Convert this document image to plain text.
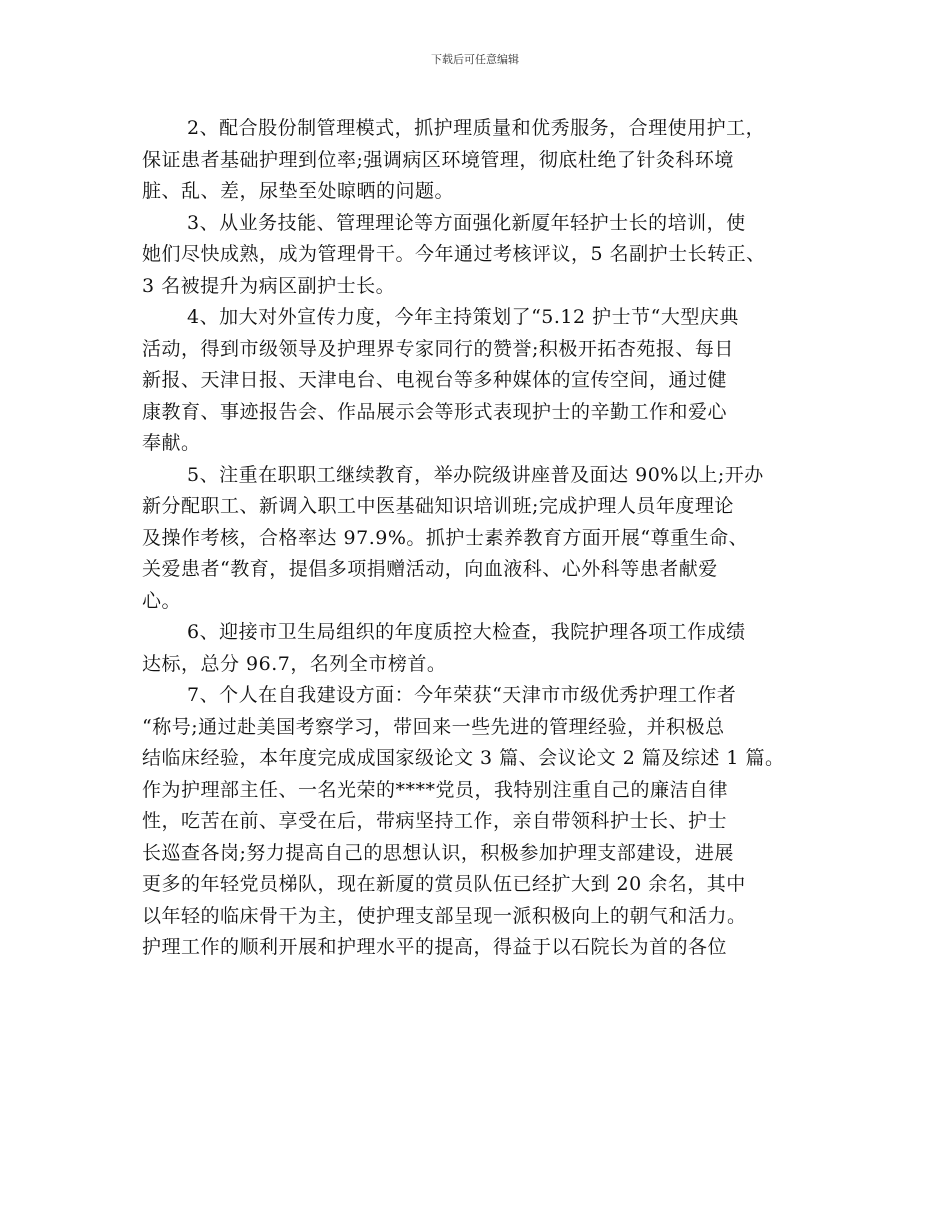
下载后可任意编辑
2、配合股份制管理模式，抓护理质量和优秀服务，合理使用护工，
保证患者基础护理到位率;强调病区环境管理，彻底杜绝了针灸科环境
脏、乱、差，尿垫至处晾晒的问题。
3、从业务技能、管理理论等方面强化新厦年轻护士长的培训，使
她们尽快成熟，成为管理骨干。今年通过考核评议，5 名副护士长转正、
3 名被提升为病区副护士长。
4、加大对外宣传力度，今年主持策划了“5.12 护士节“大型庆典
活动，得到市级领导及护理界专家同行的赞誉;积极开拓杏苑报、每日
新报、天津日报、天津电台、电视台等多种媒体的宣传空间，通过健
康教育、事迹报告会、作品展示会等形式表现护士的辛勤工作和爱心
奉献。
5、注重在职职工继续教育，举办院级讲座普及面达 90%以上;开办
新分配职工、新调入职工中医基础知识培训班;完成护理人员年度理论
及操作考核，合格率达 97.9%。抓护士素养教育方面开展“尊重生命、
关爱患者“教育，提倡多项捐赠活动，向血液科、心外科等患者献爱
心。
6、迎接市卫生局组织的年度质控大检查，我院护理各项工作成绩
达标，总分 96.7，名列全市榜首。
7、个人在自我建设方面：今年荣获“天津市市级优秀护理工作者
“称号;通过赴美国考察学习，带回来一些先进的管理经验，并积极总
结临床经验，本年度完成成国家级论文 3 篇、会议论文 2 篇及综述 1 篇。
作为护理部主任、一名光荣的****党员，我特别注重自己的廉洁自律
性，吃苦在前、享受在后，带病坚持工作，亲自带领科护士长、护士
长巡查各岗;努力提高自己的思想认识，积极参加护理支部建设，进展
更多的年轻党员梯队，现在新厦的赏员队伍已经扩大到 20 余名，其中
以年轻的临床骨干为主，使护理支部呈现一派积极向上的朝气和活力。
护理工作的顺利开展和护理水平的提高，得益于以石院长为首的各位
